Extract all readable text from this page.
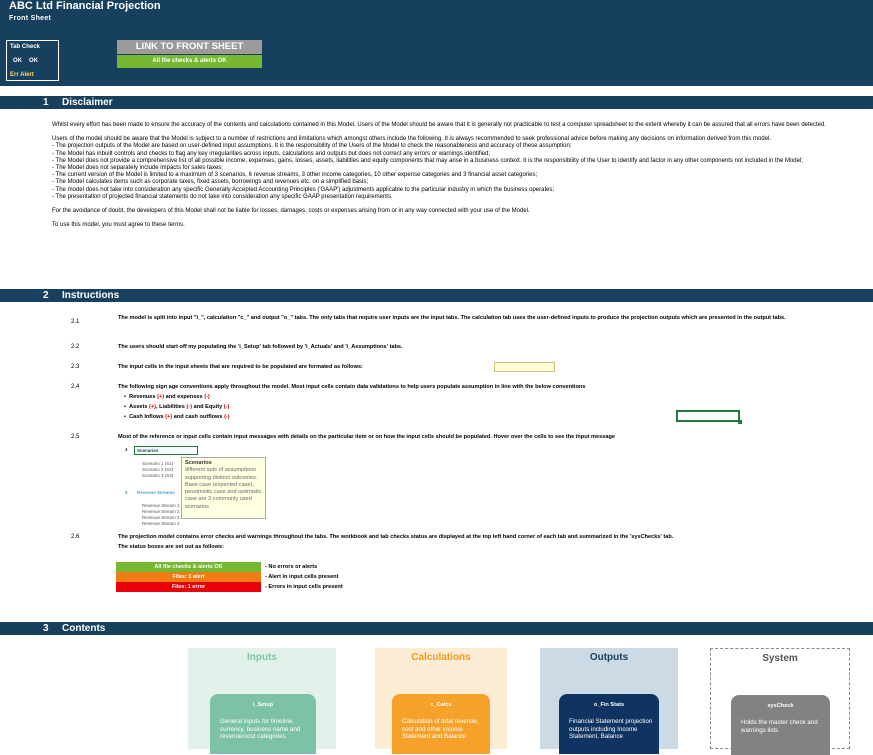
ABC Ltd Financial Projection
Front Sheet
Tab Check
OK OK
Err Alert
LINK TO FRONT SHEET
All file checks & alerts OK
1 Disclaimer

Whilst every effort has been made to ensure the accuracy of the contents and calculations contained in this Model, Users of the Model should be aware that it is generally not practicable to test a computer spreadsheet to the extent whereby it can be assured that all errors have been detected.

Users of the model should be aware that the Model is subject to a number of restrictions and limitations which amongst others include the following. It is always recommended to seek professional advice before making any decisions on information derived from this model.
- The projection outputs of the Model are based on user-defined input assumptions. It is the responsibility of the Users of the Model to check the reasonableness and accuracy of these assumption;
- The Model has inbuilt controls and checks to flag any key irregularities across inputs, calculations and outputs but does not correct any errors or warnings identified;
- The Model does not provide a comprehensive list of all possible income, expenses, gains, losses, assets, liabilities and equity components that may arise in a business context. It is the responsibility of the User to identify and factor in any other components not included in the Model;
- The Model does not separately include impacts for sales taxes;
- The current version of the Model is limited to a maximum of 3 scenarios, 6 revenue streams, 3 other income categories, 10 other expense categories and 3 financial asset categories;
- The Model calculates items such as corporate taxes, fixed assets, borrowings and revenues etc. on a simplified basis;
- The model does not take into consideration any specific Generally Accepted Accounting Principles ('GAAP') adjustments applicable to the particular industry in which the business operates;

- The presentation of projected financial statements do not take into consideration any specific GAAP presentation requirements.

For the avoidance of doubt, the developers of this Model shall not be liable for losses, damages, costs or expenses arising from or in any way connected with your use of the Model.

To use this model, you must agree to these terms.

2 Instructions
2.1
The model is split into input "i_", calculation "c_" and output "o_" tabs. The only tabs that require user inputs are the input tabs. The calculation tab uses the user-defined inputs to produce the projection outputs which are presented in the output tabs.
2.2	The users should start off my populating the 'i_Setup' tab followed by 'i_Actuals' and 'i_Assumptions' tabs.
2.3	The input cells in the input sheets that are required to be populated are formated as follows:
2.4	The following sign age conventions apply throughout the model. Most input cells contain data validations to help users populate assumption in line with the below conventions
▪  Revenues (+) and expenses (-)
▪  Assets (+), Liabilities (-) and Equity (-)
▪  Cash Inflows (+) and cash outflows (-)
2.5	Most of the reference or input cells contain input messages with details on the particular item or on how the input cells should be populated. Hover over the cells to see the input message
4	Scenarios
Scenario 1 (S1)
Scenario 2 (S2)
Scenario 3 (S3)
5 Revenue Streams
Revenue Stream 1
Revenue Stream 2
Revenue Stream 3
Revenue Stream 4
Scenarios
different sets of assumptions supporting distinct outcomes. Base case (expected case), pessimistic case and optimistic case are 3 commonly used scenarios
2.6	The projection model contains error checks and warnings throughout the tabs. The workbook and tab checks status are displayed at the top left hand corner of each tab and summarized in the 'sysChecks' tab.
The status boxes are set out as follows:
All file checks & alerts OK	- No errors or alerts
Files: 1 alert	- Alert in input cells present
Files: 1 error	- Errors in input cells present
3 Contents
Inputs
i_Setup
General inputs for timeline, currency, business name and revenue/cost categories
Calculations
c_Calcs
Calculation of total revenue, cost and other income Statement and Balance
Outputs
o_Fin Stats
Financial Statement projection outputs including Income Statement, Balance
System
sysCheck
Holds the master check and warnings lists
